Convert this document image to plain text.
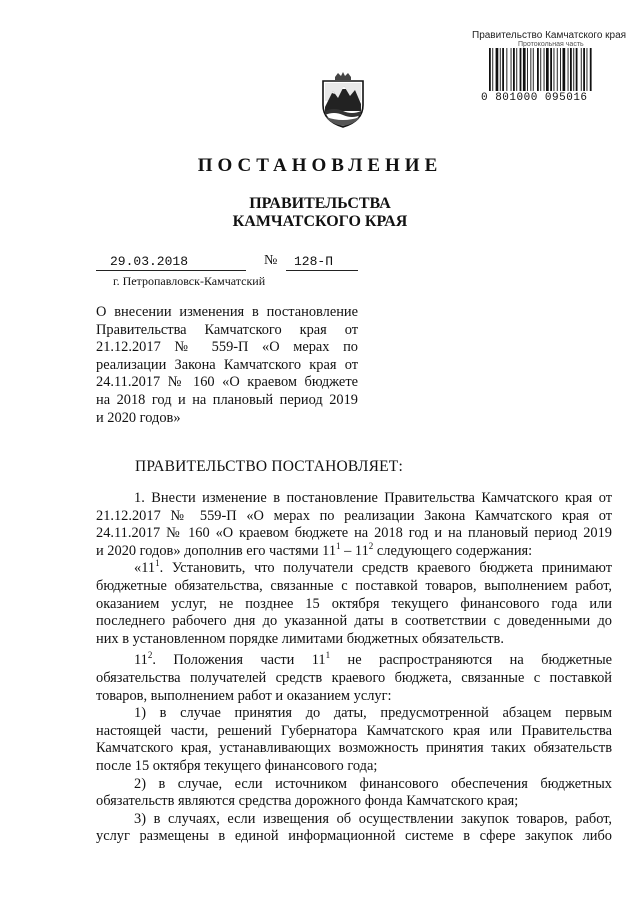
Правительство Камчатского края
Протокольная часть
0 801000 095016
ПОСТАНОВЛЕНИЕ
ПРАВИТЕЛЬСТВА
КАМЧАТСКОГО КРАЯ
29.03.2018	№ 128-П
г. Петропавловск-Камчатский
О внесении изменения в постановление
Правительства Камчатского края от
21.12.2017 № 559-П «О мерах по
реализации Закона Камчатского края от
24.11.2017 № 160 «О краевом бюджете
на 2018 год и на плановый период 2019
и 2020 годов»
ПРАВИТЕЛЬСТВО ПОСТАНОВЛЯЕТ:
1. Внести изменение в постановление Правительства Камчатского края от
21.12.2017 № 559-П «О мерах по реализации Закона Камчатского края от
24.11.2017 № 160 «О краевом бюджете на 2018 год и на плановый период 2019
и 2020 годов» дополнив его частями $11^1 - 11^2$ следующего содержания:
«$11^1$. Установить, что получатели средств краевого бюджета принимают
бюджетные обязательства, связанные с поставкой товаров, выполнением работ,
оказанием услуг, не позднее 15 октября текущего финансового года или
последнего рабочего дня до указанной даты в соответствии с доведенными до
них в установленном порядке лимитами бюджетных обязательств.
$11^2$. Положения части $11^1$ не распространяются на бюджетные
обязательства получателей средств краевого бюджета, связанные с поставкой
товаров, выполнением работ и оказанием услуг:
1) в случае принятия до даты, предусмотренной абзацем первым
настоящей части, решений Губернатора Камчатского края или Правительства
Камчатского края, устанавливающих возможность принятия таких обязательств
после 15 октября текущего финансового года;
2) в случае, если источником финансового обеспечения бюджетных
обязательств являются средства дорожного фонда Камчатского края;
3) в случаях, если извещения об осуществлении закупок товаров, работ,
услуг размещены в единой информационной системе в сфере закупок либо
